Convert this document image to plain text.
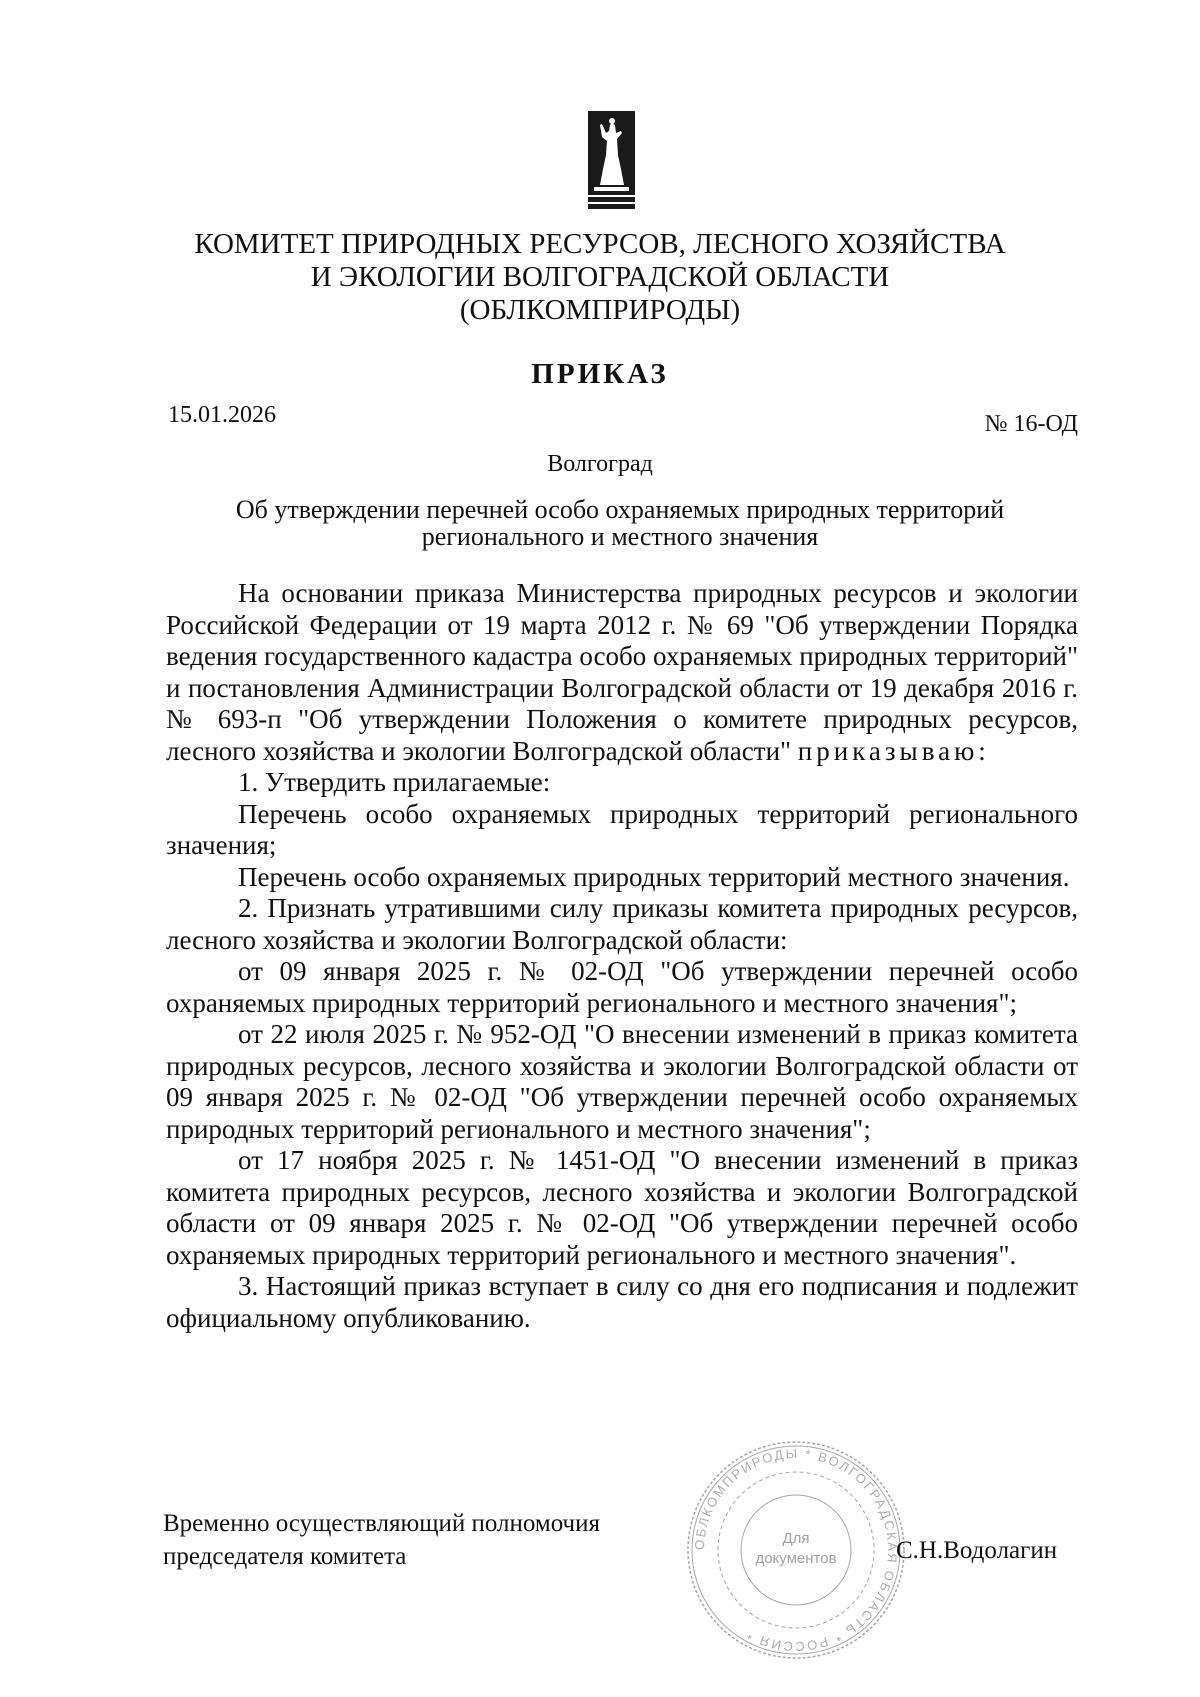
КОМИТЕТ ПРИРОДНЫХ РЕСУРСОВ, ЛЕСНОГО ХОЗЯЙСТВА
И ЭКОЛОГИИ ВОЛГОГРАДСКОЙ ОБЛАСТИ
(ОБЛКОМПРИРОДЫ)
ПРИКАЗ
15.01.2026	№ 16-ОД
Волгоград
Об утверждении перечней особо охраняемых природных территорий
регионального и местного значения

На основании приказа Министерства природных ресурсов и экологии Российской Федерации от 19 марта 2012 г. № 69 "Об утверждении Порядка ведения государственного кадастра особо охраняемых природных территорий" и постановления Администрации Волгоградской области от 19 декабря 2016 г. № 693-п "Об утверждении Положения о комитете природных ресурсов, лесного хозяйства и экологии Волгоградской области" приказываю:

1. Утвердить прилагаемые:

Перечень особо охраняемых природных территорий регионального значения;

Перечень особо охраняемых природных территорий местного значения.

2. Признать утратившими силу приказы комитета природных ресурсов, лесного хозяйства и экологии Волгоградской области:

от 09 января 2025 г. № 02-ОД "Об утверждении перечней особо охраняемых природных территорий регионального и местного значения";

от 22 июля 2025 г. № 952-ОД "О внесении изменений в приказ комитета природных ресурсов, лесного хозяйства и экологии Волгоградской области от 09 января 2025 г. № 02-ОД "Об утверждении перечней особо охраняемых природных территорий регионального и местного значения";

от 17 ноября 2025 г. № 1451-ОД "О внесении изменений в приказ комитета природных ресурсов, лесного хозяйства и экологии Волгоградской области от 09 января 2025 г. № 02-ОД "Об утверждении перечней особо охраняемых природных территорий регионального и местного значения".

3. Настоящий приказ вступает в силу со дня его подписания и подлежит официальному опубликованию.

Временно осуществляющий полномочия
председателя комитета	ОБЛКОМПРИРОДЫ * ВОЛГОГРАДСКАЯ ОБЛАСТЬ * РОССИЯ *
Для
документов С.Н.Водолагин
